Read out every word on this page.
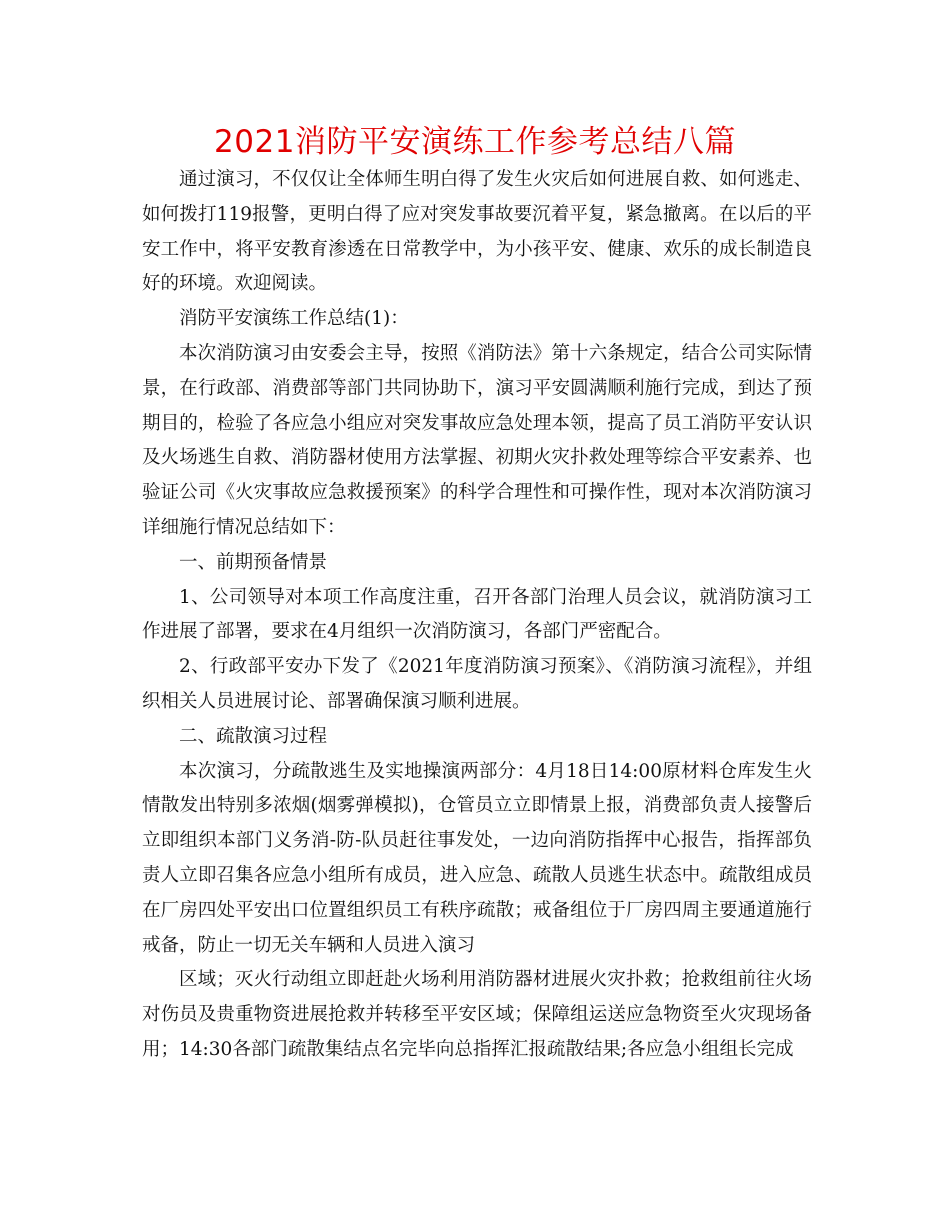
2021消防平安演练工作参考总结八篇

通过演习，不仅仅让全体师生明白得了发生火灾后如何进展自救、如何逃走、如何拨打119报警，更明白得了应对突发事故要沉着平复，紧急撤离。在以后的平安工作中，将平安教育渗透在日常教学中，为小孩平安、健康、欢乐的成长制造良好的环境。欢迎阅读。

消防平安演练工作总结(1)：

本次消防演习由安委会主导，按照《消防法》第十六条规定，结合公司实际情景，在行政部、消费部等部门共同协助下，演习平安圆满顺利施行完成，到达了预期目的，检验了各应急小组应对突发事故应急处理本领，提高了员工消防平安认识及火场逃生自救、消防器材使用方法掌握、初期火灾扑救处理等综合平安素养、也验证公司《火灾事故应急救援预案》的科学合理性和可操作性，现对本次消防演习详细施行情况总结如下：

一、前期预备情景

1、公司领导对本项工作高度注重，召开各部门治理人员会议，就消防演习工作进展了部署，要求在4月组织一次消防演习，各部门严密配合。

2、行政部平安办下发了《2021年度消防演习预案》、《消防演习流程》，并组织相关人员进展讨论、部署确保演习顺利进展。

二、疏散演习过程

本次演习，分疏散逃生及实地操演两部分：4月18日14:00原材料仓库发生火情散发出特别多浓烟(烟雾弹模拟)，仓管员立立即情景上报，消费部负责人接警后立即组织本部门义务消-防-队员赶往事发处，一边向消防指挥中心报告，指挥部负责人立即召集各应急小组所有成员，进入应急、疏散人员逃生状态中。疏散组成员在厂房四处平安出口位置组织员工有秩序疏散；戒备组位于厂房四周主要通道施行戒备，防止一切无关车辆和人员进入演习

区域；灭火行动组立即赶赴火场利用消防器材进展火灾扑救；抢救组前往火场对伤员及贵重物资进展抢救并转移至平安区域；保障组运送应急物资至火灾现场备用；14:30各部门疏散集结点名完毕向总指挥汇报疏散结果;各应急小组组长完成
